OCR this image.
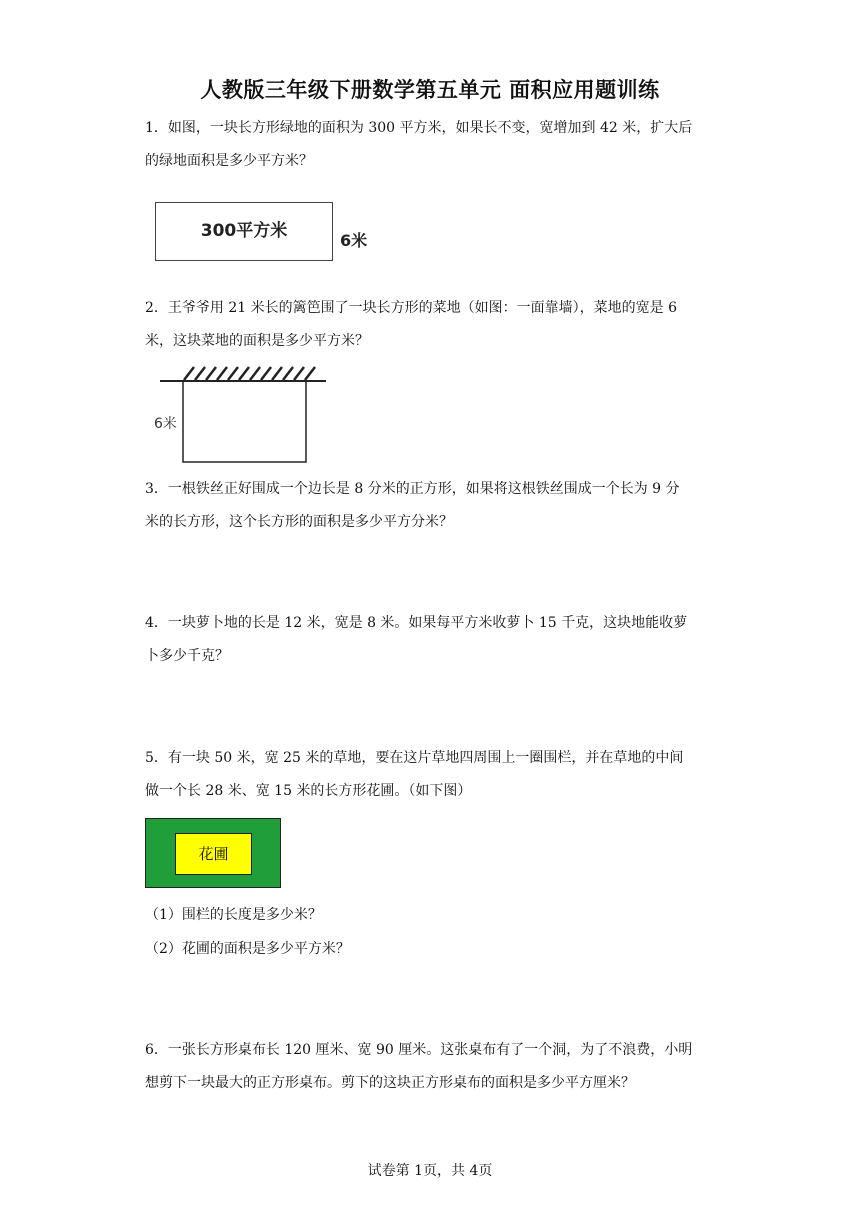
人教版三年级下册数学第五单元 面积应用题训练
1．如图，一块长方形绿地的面积为 300 平方米，如果长不变，宽增加到 42 米，扩大后
的绿地面积是多少平方米？
300平方米	6米
2．王爷爷用 21 米长的篱笆围了一块长方形的菜地（如图：一面靠墙），菜地的宽是 6
米，这块菜地的面积是多少平方米？
6米
3．一根铁丝正好围成一个边长是 8 分米的正方形，如果将这根铁丝围成一个长为 9 分
米的长方形，这个长方形的面积是多少平方分米？
4．一块萝卜地的长是 12 米，宽是 8 米。如果每平方米收萝卜 15 千克，这块地能收萝
卜多少千克？
5．有一块 50 米，宽 25 米的草地，要在这片草地四周围上一圈围栏，并在草地的中间
做一个长 28 米、宽 15 米的长方形花圃。（如下图）
花圃
（1）围栏的长度是多少米？
（2）花圃的面积是多少平方米？
6．一张长方形桌布长 120 厘米、宽 90 厘米。这张桌布有了一个洞，为了不浪费，小明
想剪下一块最大的正方形桌布。剪下的这块正方形桌布的面积是多少平方厘米？
试卷第 1页，共 4页
